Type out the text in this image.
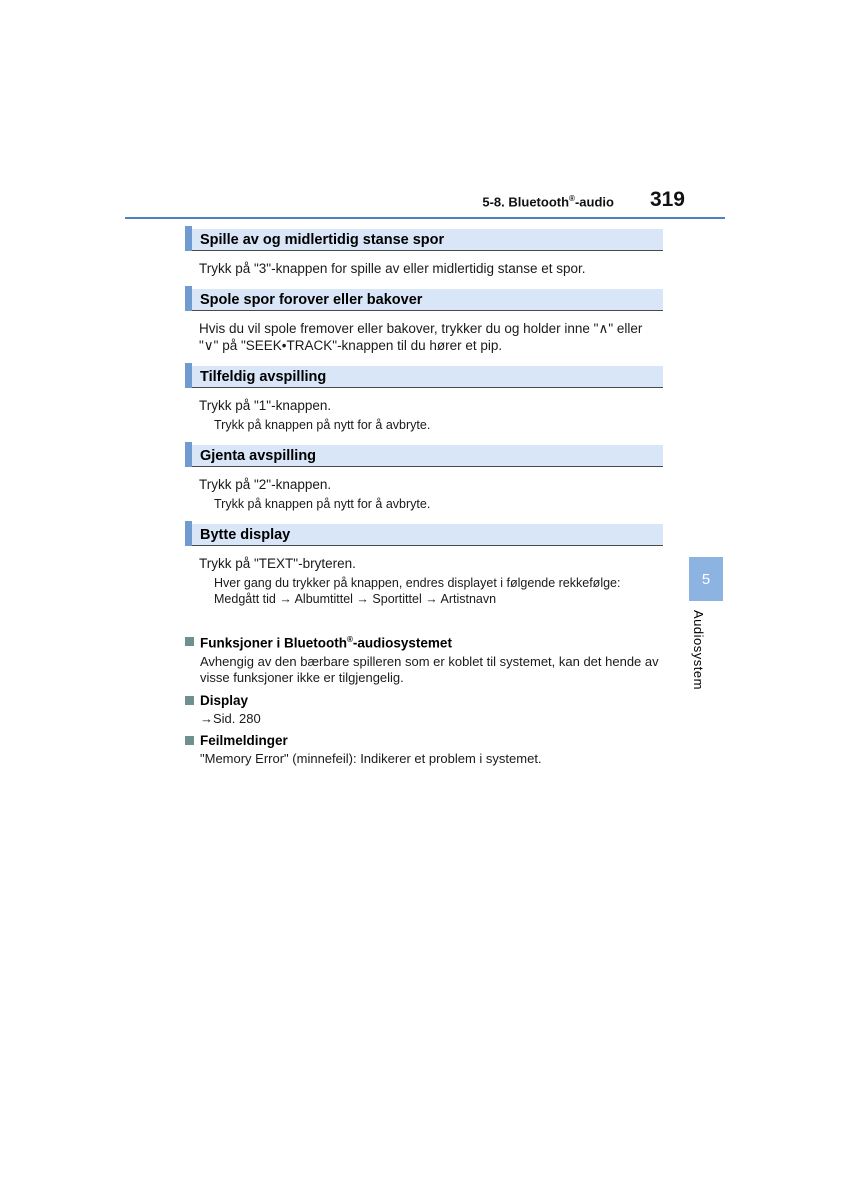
5-8. Bluetooth®-audio 319
Spille av og midlertidig stanse spor
Trykk på "3"-knappen for spille av eller midlertidig stanse et spor.
Spole spor forover eller bakover
Hvis du vil spole fremover eller bakover, trykker du og holder inne "∧" eller "∨" på "SEEK•TRACK"-knappen til du hører et pip.
Tilfeldig avspilling
Trykk på "1"-knappen.
Trykk på knappen på nytt for å avbryte.
Gjenta avspilling
Trykk på "2"-knappen.
Trykk på knappen på nytt for å avbryte.
Bytte display
Trykk på "TEXT"-bryteren.
Hver gang du trykker på knappen, endres displayet i følgende rekkefølge:
Medgått tid → Albumtittel → Sportittel → Artistnavn
Funksjoner i Bluetooth®-audiosystemet
Avhengig av den bærbare spilleren som er koblet til systemet, kan det hende av visse funksjoner ikke er tilgjengelig.
Display
→Sid. 280
Feilmeldinger
"Memory Error" (minnefeil): Indikerer et problem i systemet.
5
Audiosystem
